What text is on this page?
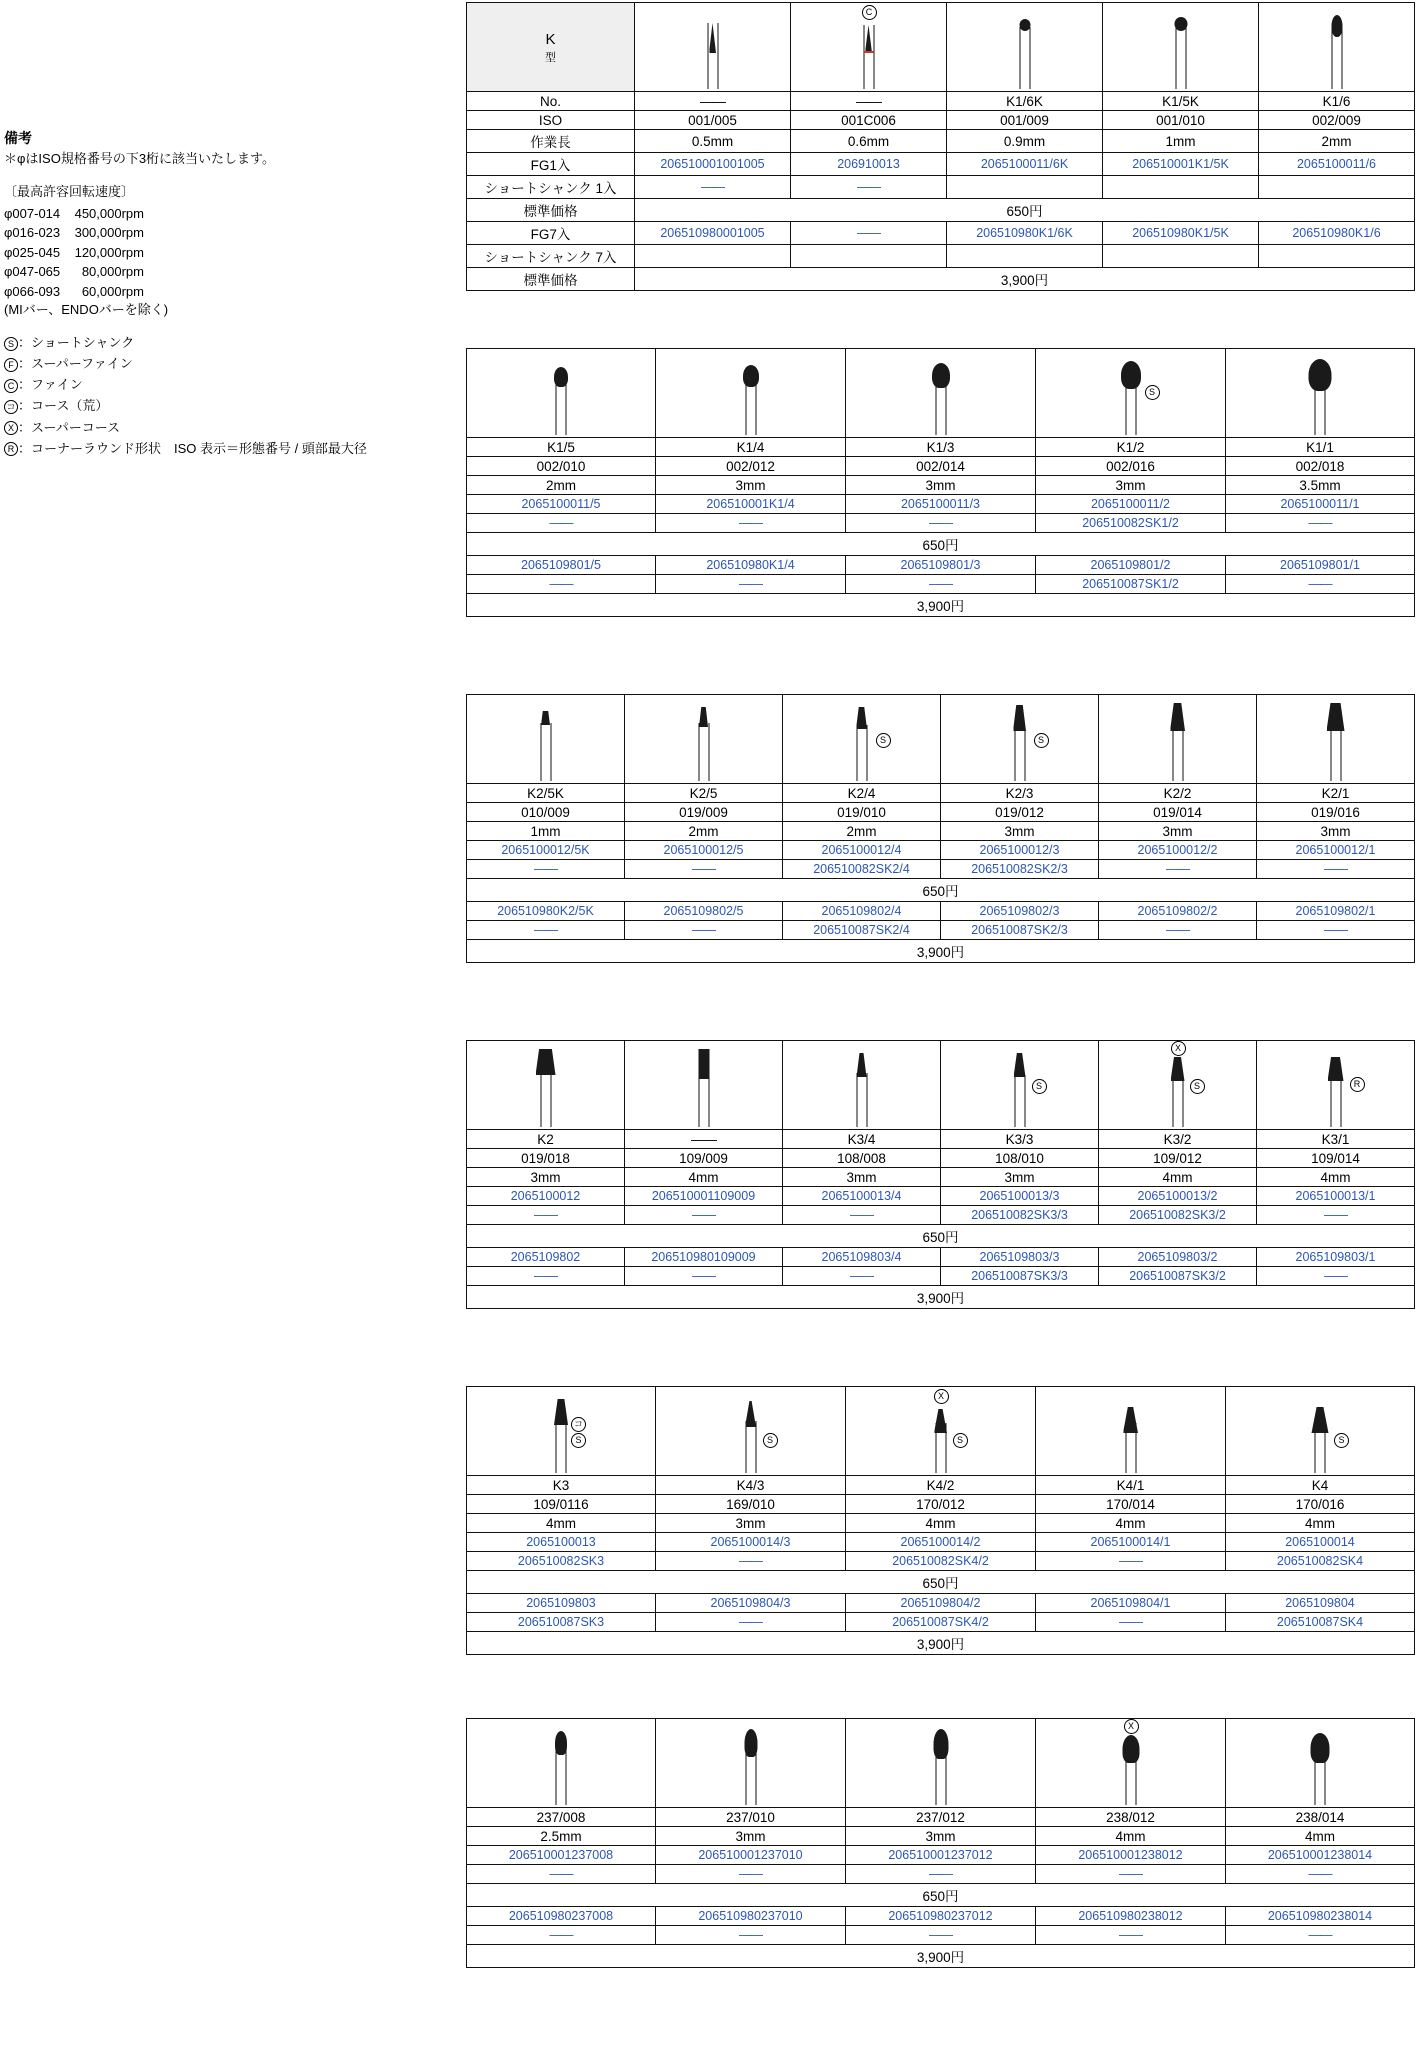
備考
＊φはISO規格番号の下3桁に該当いたします。
〔最高許容回転速度〕
φ007-014 450,000rpm
φ016-023 300,000rpm
φ025-045 120,000rpm
φ047-065 80,000rpm
φ066-093 60,000rpm
(MIバー、ENDOバーを除く)
S ：ショートシャンク
F ：スーパーファイン
C ：ファイン
コ ：コース（荒）
X ：スーパーコース
R ：コーナーラウンド形状　ISO 表示＝形態番号 / 頭部最大径
K
型		C			

No.	——	——	K1/6K	K1/5K	K1/6
ISO	001/005	001C006	001/009	001/010	002/009
作業長	0.5mm	0.6mm	0.9mm	1mm	2mm
FG1入	206510001001005	206910013	2065100011/6K	206510001K1/5K	2065100011/6
ショートシャンク 1入	——	——			
標準価格	650円				
FG7入	206510980001005	——	206510980K1/6K	206510980K1/5K	206510980K1/6
ショートシャンク 7入					
標準価格	3,900円				

			S	

K1/5	K1/4	K1/3	K1/2	K1/1
002/010	002/012	002/014	002/016	002/018
2mm	3mm	3mm	3mm	3.5mm
2065100011/5	206510001K1/4	2065100011/3	2065100011/2	2065100011/1
——	——	——	206510082SK1/2	——
650円				
2065109801/5	206510980K1/4	2065109801/3	2065109801/2	2065109801/1
——	——	——	206510087SK1/2	——
3,900円				

		S	S		

K2/5K	K2/5	K2/4	K2/3	K2/2	K2/1
010/009	019/009	019/010	019/012	019/014	019/016
1mm	2mm	2mm	3mm	3mm	3mm
2065100012/5K	2065100012/5	2065100012/4	2065100012/3	2065100012/2	2065100012/1
——	——	206510082SK2/4	206510082SK2/3	——	——
650円					
206510980K2/5K	2065109802/5	2065109802/4	2065109802/3	2065109802/2	2065109802/1
——	——	206510087SK2/4	206510087SK2/3	——	——
3,900円					

			S	X
S	R

K2	——	K3/4	K3/3	K3/2	K3/1
019/018	109/009	108/008	108/010	109/012	109/014
3mm	4mm	3mm	3mm	4mm	4mm
2065100012	206510001109009	2065100013/4	2065100013/3	2065100013/2	2065100013/1
——	——	——	206510082SK3/3	206510082SK3/2	——
650円					
2065109802	206510980109009	2065109803/4	2065109803/3	2065109803/2	2065109803/1
——	——	——	206510087SK3/3	206510087SK3/2	——
3,900円					
コ
S	S

X
S		S

K3	K4/3	K4/2	K4/1	K4
109/0116	169/010	170/012	170/014	170/016
4mm	3mm	4mm	4mm	4mm
2065100013	2065100014/3	2065100014/2	2065100014/1	2065100014
206510082SK3	——	206510082SK4/2	——	206510082SK4
650円				
2065109803	2065109804/3	2065109804/2	2065109804/1	2065109804
206510087SK3	——	206510087SK4/2	——	206510087SK4
3,900円				

			X	

237/008	237/010	237/012	238/012	238/014
2.5mm	3mm	3mm	4mm	4mm
206510001237008	206510001237010	206510001237012	206510001238012	206510001238014
——	——	——	——	——
650円				
206510980237008	206510980237010	206510980237012	206510980238012	206510980238014
——	——	——	——	——
3,900円				
